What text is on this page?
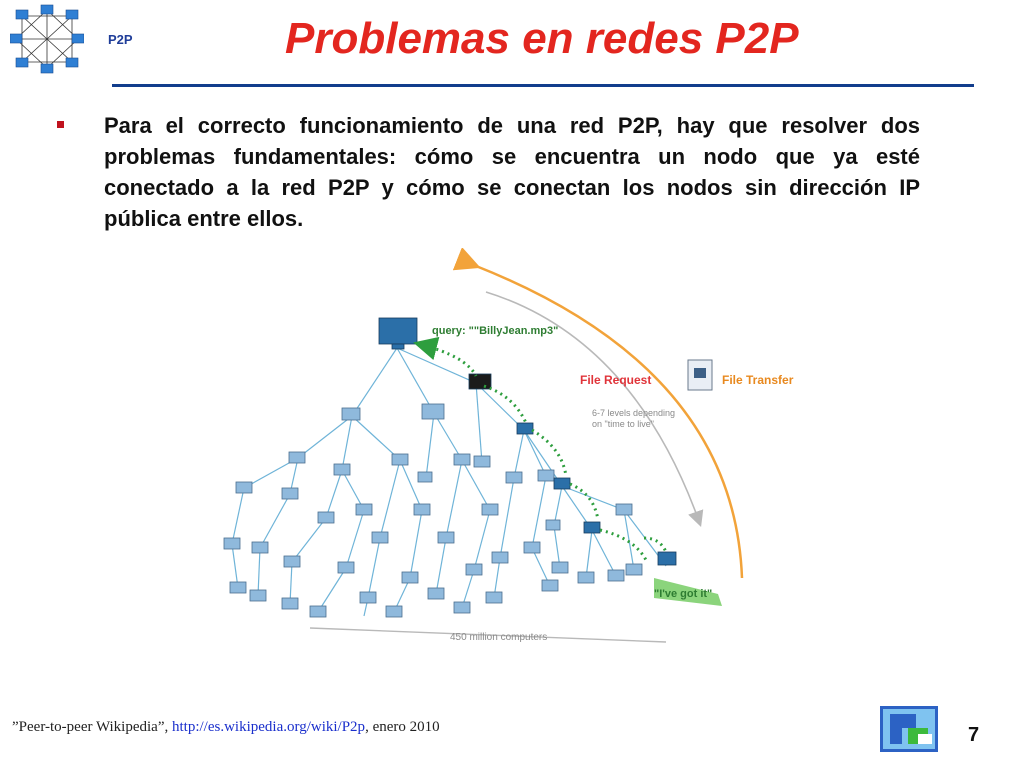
P2P	Problemas en redes P2P

Para el correcto funcionamiento de una red P2P, hay que resolver dos problemas fundamentales: cómo se encuentra un nodo que ya esté conectado a la red P2P y cómo se conectan los nodos sin dirección IP pública entre ellos.

query: ""BillyJean.mp3"
File Request	File Transfer
6-7 levels depending
on "time to live"
"I've got it"
450 million computers
”Peer-to-peer Wikipedia”, http://es.wikipedia.org/wiki/P2p, enero 2010	7
